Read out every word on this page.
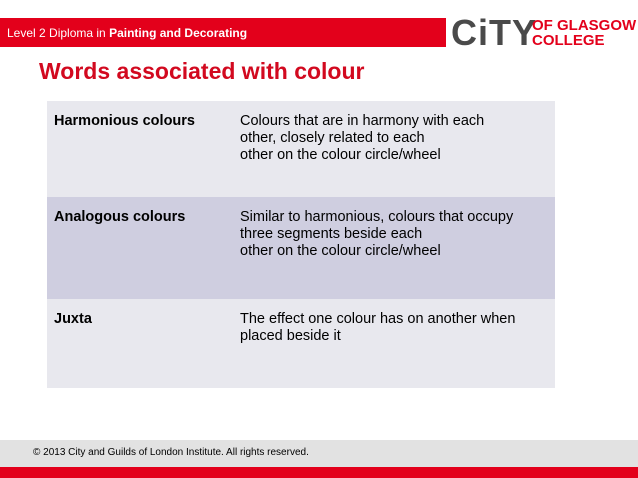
Level 2 Diploma in Painting and Decorating	CiTY
OF GLASGOW
COLLEGE
Words associated with colour
Harmonious colours	Colours that are in harmony with each
other, closely related to each
other on the colour circle/wheel
Analogous colours	Similar to harmonious, colours that occupy
three segments beside each
other on the colour circle/wheel
Juxta	The effect one colour has on another when
placed beside it
© 2013 City and Guilds of London Institute. All rights reserved.
